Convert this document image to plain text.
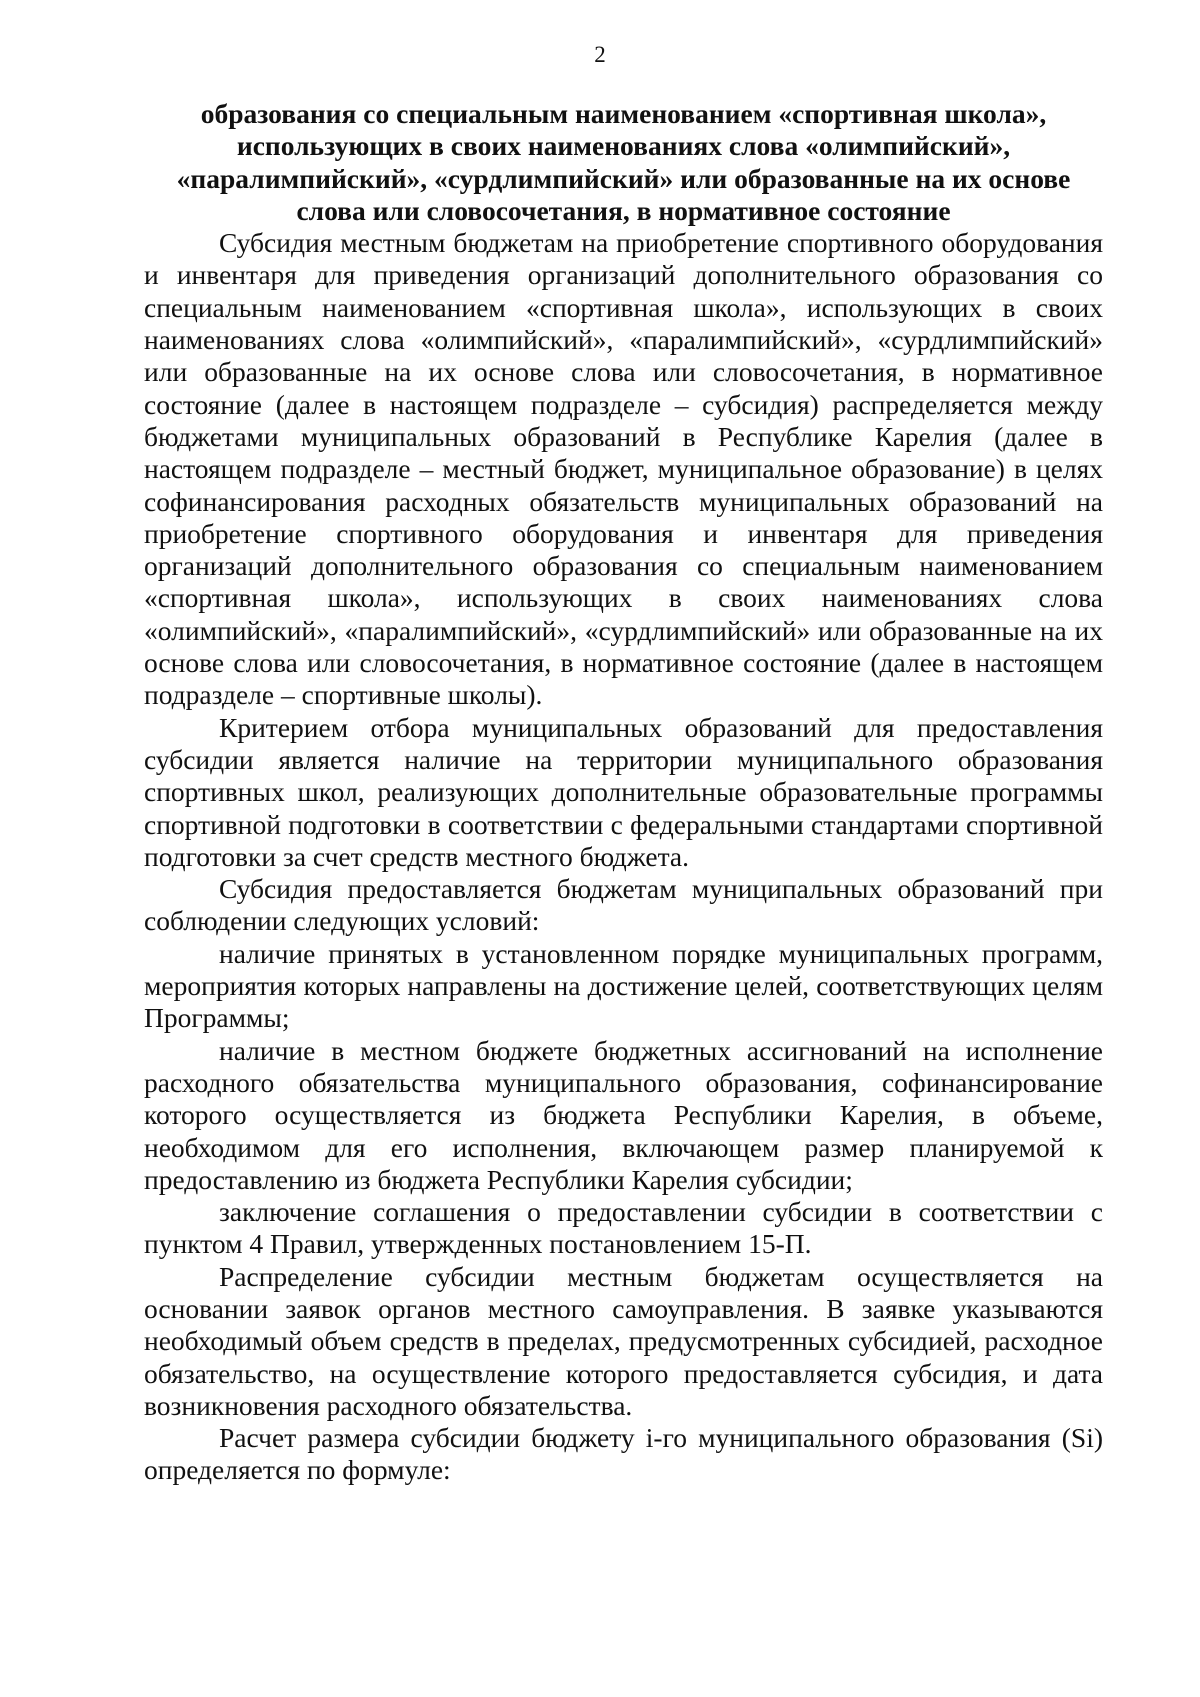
2
образования со специальным наименованием «спортивная школа»,
использующих в своих наименованиях слова «олимпийский»,
«паралимпийский», «сурдлимпийский» или образованные на их основе
слова или словосочетания, в нормативное состояние

Субсидия местным бюджетам на приобретение спортивного оборудования и инвентаря для приведения организаций дополнительного образования со специальным наименованием «спортивная школа», использующих в своих наименованиях слова «олимпийский», «паралимпийский», «сурдлимпийский» или образованные на их основе слова или словосочетания, в нормативное состояние (далее в настоящем подразделе – субсидия) распределяется между бюджетами муниципальных образований в Республике Карелия (далее в настоящем подразделе – местный бюджет, муниципальное образование) в целях софинансирования расходных обязательств муниципальных образований на приобретение спортивного оборудования и инвентаря для приведения организаций дополнительного образования со специальным наименованием «спортивная школа», использующих в своих наименованиях слова «олимпийский», «паралимпийский», «сурдлимпийский» или образованные на их основе слова или словосочетания, в нормативное состояние (далее в настоящем подразделе – спортивные школы).

Критерием отбора муниципальных образований для предоставления субсидии является наличие на территории муниципального образования спортивных школ, реализующих дополнительные образовательные программы спортивной подготовки в соответствии с федеральными стандартами спортивной подготовки за счет средств местного бюджета.

Субсидия предоставляется бюджетам муниципальных образований при соблюдении следующих условий:

наличие принятых в установленном порядке муниципальных программ, мероприятия которых направлены на достижение целей, соответствующих целям Программы;

наличие в местном бюджете бюджетных ассигнований на исполнение расходного обязательства муниципального образования, софинансирование которого осуществляется из бюджета Республики Карелия, в объеме, необходимом для его исполнения, включающем размер планируемой к предоставлению из бюджета Республики Карелия субсидии;

заключение соглашения о предоставлении субсидии в соответствии с пунктом 4 Правил, утвержденных постановлением 15-П.

Распределение субсидии местным бюджетам осуществляется на основании заявок органов местного самоуправления. В заявке указываются необходимый объем средств в пределах, предусмотренных субсидией, расходное обязательство, на осуществление которого предоставляется субсидия, и дата возникновения расходного обязательства.

Расчет размера субсидии бюджету i-го муниципального образования (Si) определяется по формуле:
